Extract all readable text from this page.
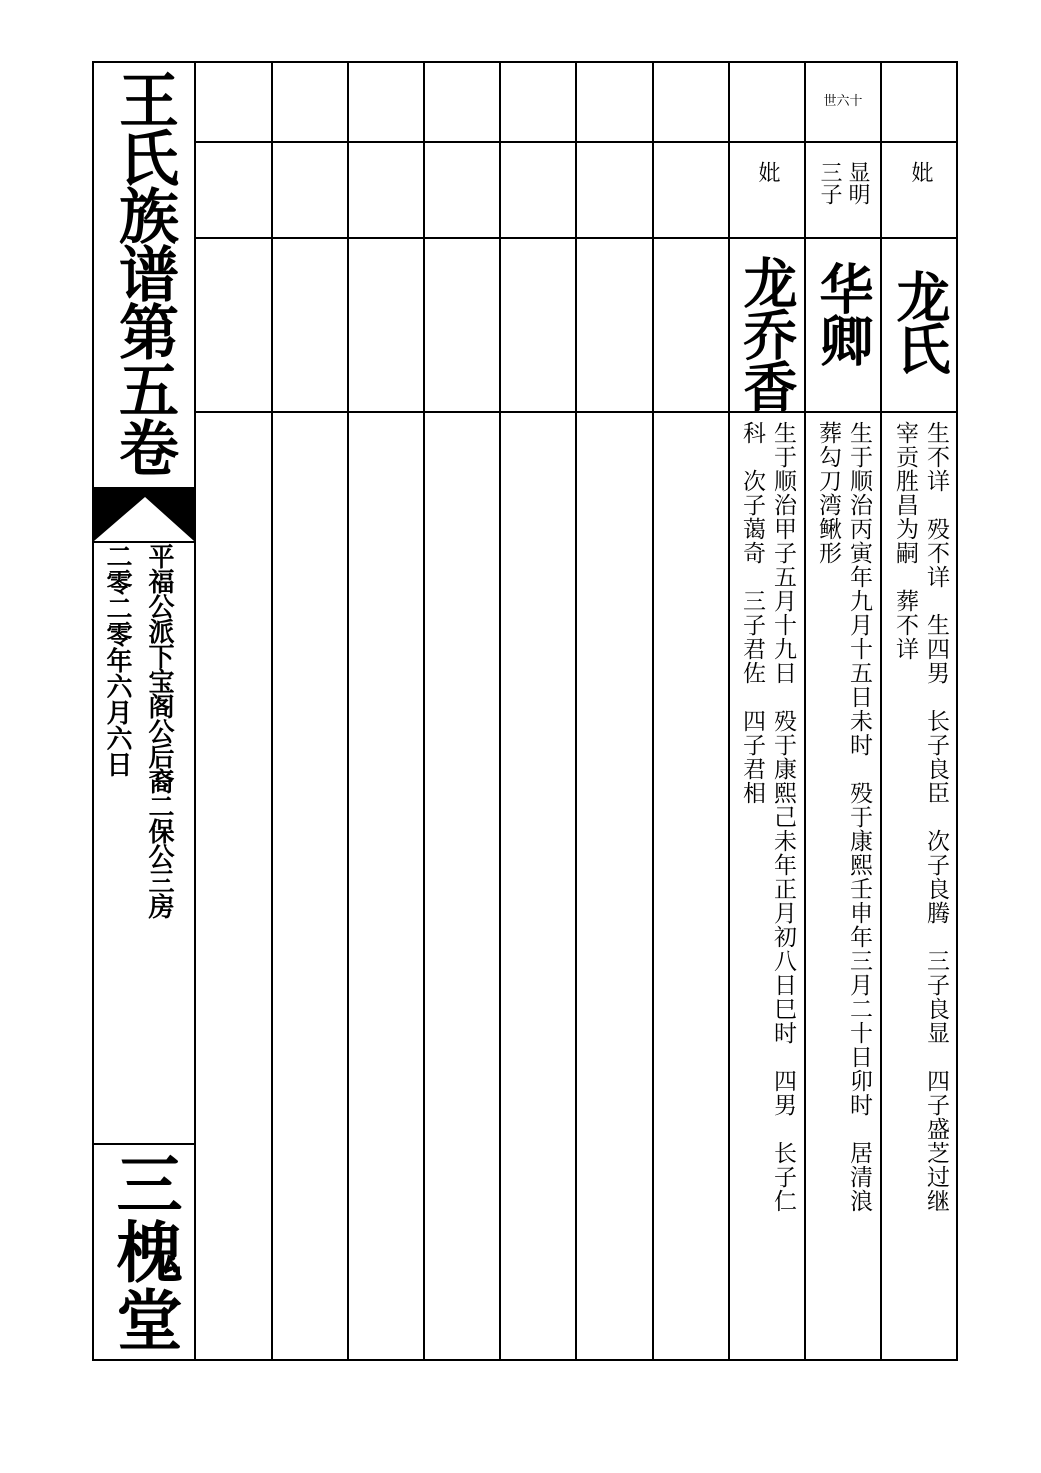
王氏族谱第五卷
平福公派下宝阁公后裔二保公三房
二零二零年六月六日
三槐堂
妣
龙乔香
生于顺治甲子五月十九日　殁于康熙己未年正月初八日巳时　四男　长子仁
科　次子蔼奇　三子君佐　四子君相
世六十
显明
三子
华卿
生于顺治丙寅年九月十五日未时　殁于康熙壬申年三月二十日卯时　居清浪
葬勾刀湾鳅形
妣
龙氏
生不详　殁不详　生四男　长子良臣　次子良腾　三子良显　四子盛芝过继
宰贡胜昌为嗣　葬不详
